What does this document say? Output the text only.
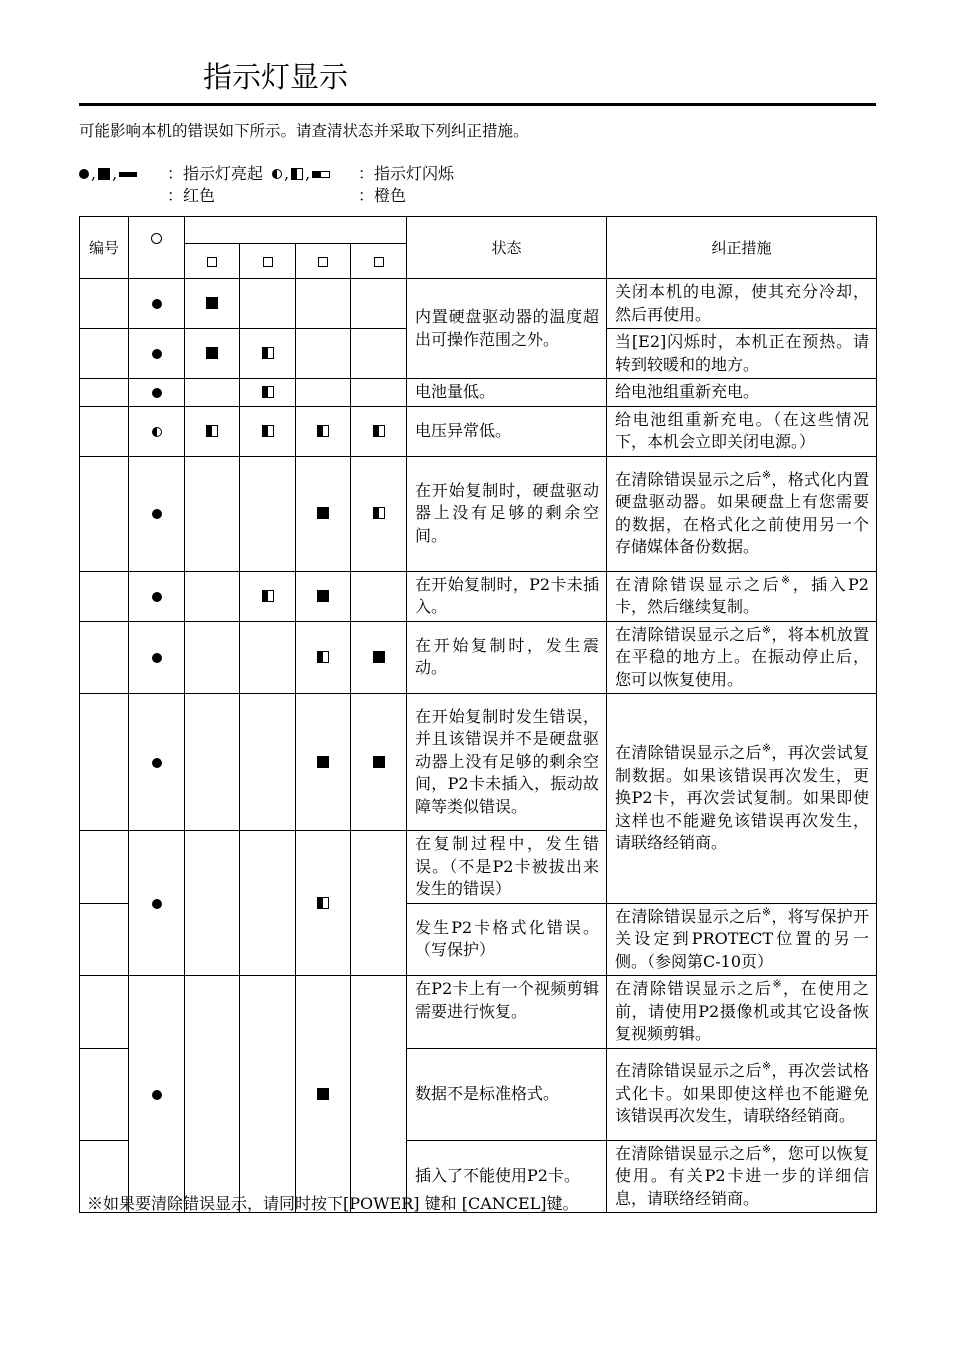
指示灯显示

可能影响本机的错误如下所示。请查清状态并采取下列纠正措施。

, ,	：指示灯亮起	, ,	：指示灯闪烁
：红色	：橙色
编号						状态	纠正措施

						内置硬盘驱动器的温度超出可操作范围之外。	关闭本机的电源，使其充分冷却，然后再使用。
							当[E2]闪烁时，本机正在预热。请转到较暖和的地方。
						电池量低。	给电池组重新充电。
						电压异常低。	给电池组重新充电。（在这些情况下，本机会立即关闭电源。）
						在开始复制时，硬盘驱动器上没有足够的剩余空间。	在清除错误显示之后※，格式化内置硬盘驱动器。如果硬盘上有您需要的数据，在格式化之前使用另一个存储媒体备份数据。
						在开始复制时，P2卡未插入。	在清除错误显示之后※，插入P2卡，然后继续复制。
						在开始复制时，发生震动。	在清除错误显示之后※，将本机放置在平稳的地方上。在振动停止后，您可以恢复使用。
						在开始复制时发生错误，并且该错误并不是硬盘驱动器上没有足够的剩余空间，P2卡未插入，振动故障等类似错误。	在清除错误显示之后※，再次尝试复制数据。如果该错误再次发生，更换P2卡，再次尝试复制。如果即使这样也不能避免该错误再次发生，请联络经销商。
						在复制过程中，发生错误。（不是P2卡被拔出来发生的错误）	
						发生P2卡格式化错误。（写保护）	在清除错误显示之后※，将写保护开关设定到PROTECT位置的另一侧。（参阅第C-10页）
						在P2卡上有一个视频剪辑需要进行恢复。	在清除错误显示之后※，在使用之前，请使用P2摄像机或其它设备恢复视频剪辑。
						数据不是标准格式。	在清除错误显示之后※，再次尝试格式化卡。如果即使这样也不能避免该错误再次发生，请联络经销商。
						插入了不能使用P2卡。	在清除错误显示之后※，您可以恢复使用。有关P2卡进一步的详细信息，请联络经销商。

※如果要清除错误显示，请同时按下[POWER] 键和 [CANCEL]键。
